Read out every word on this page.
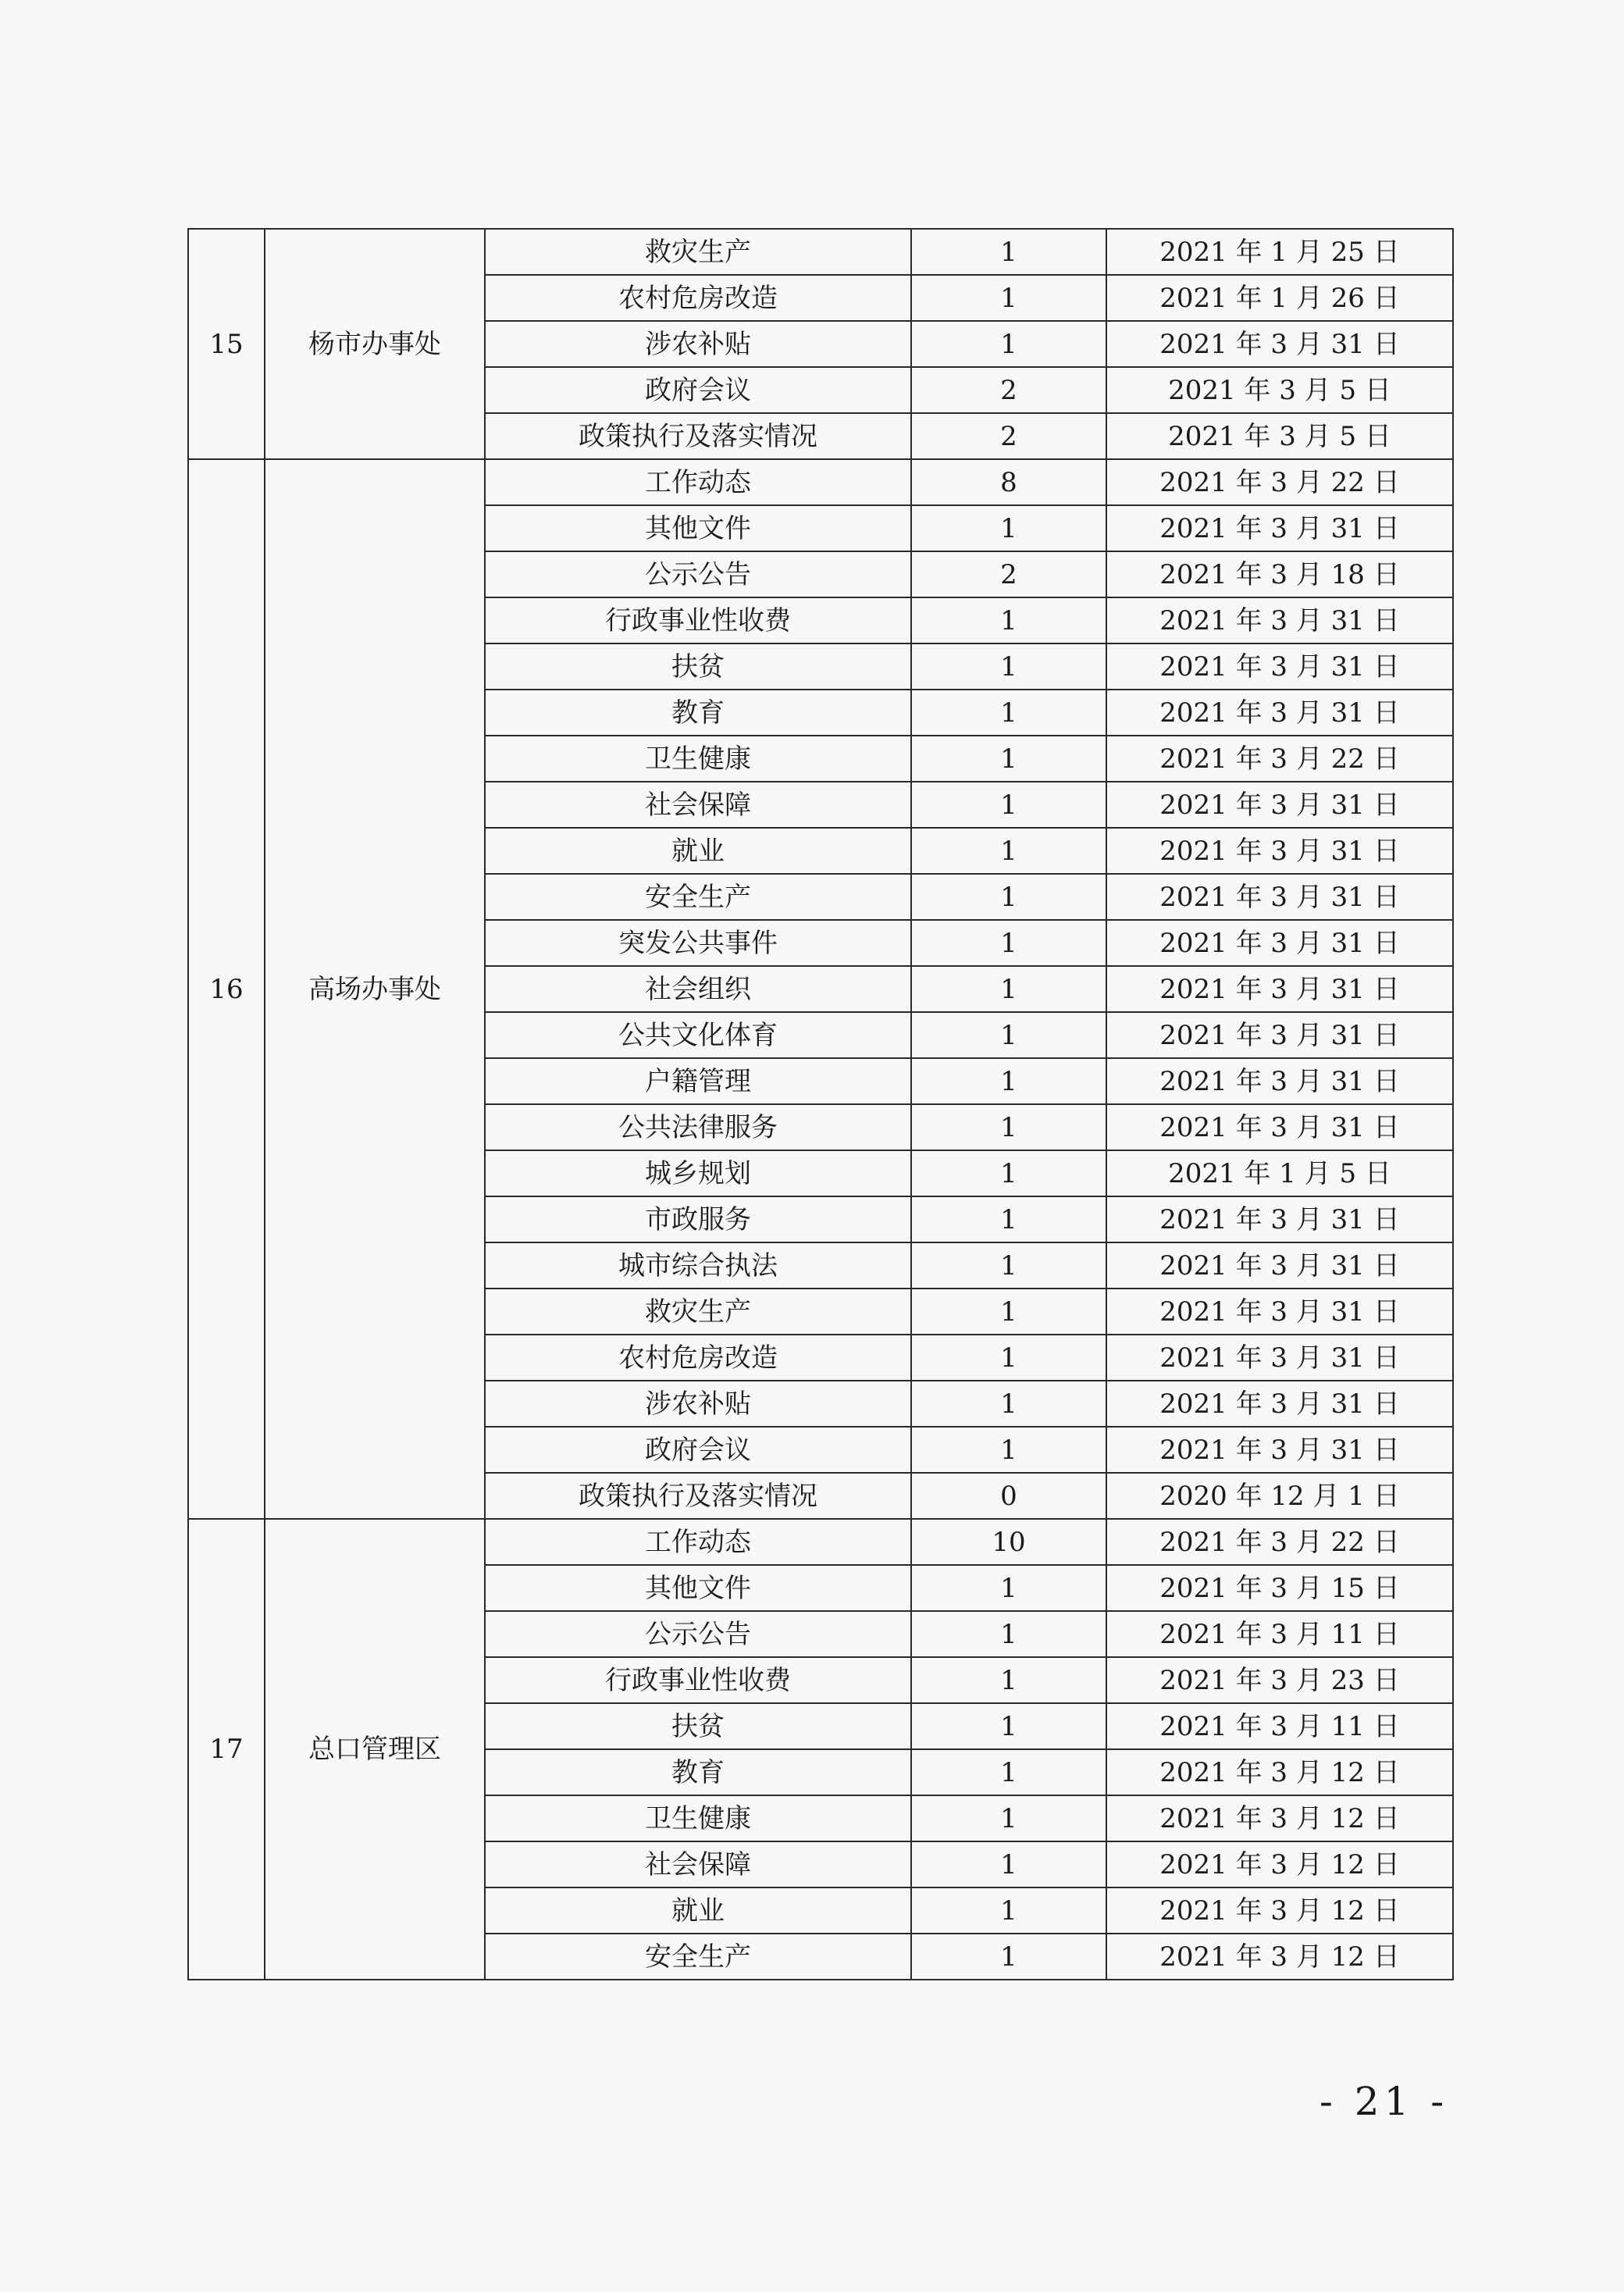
15	杨市办事处	救灾生产	1	2021 年 1 月 25 日
		农村危房改造	1	2021 年 1 月 26 日
		涉农补贴	1	2021 年 3 月 31 日
		政府会议	2	2021 年 3 月 5 日
		政策执行及落实情况	2	2021 年 3 月 5 日
16	高场办事处	工作动态	8	2021 年 3 月 22 日
		其他文件	1	2021 年 3 月 31 日
		公示公告	2	2021 年 3 月 18 日
		行政事业性收费	1	2021 年 3 月 31 日
		扶贫	1	2021 年 3 月 31 日
		教育	1	2021 年 3 月 31 日
		卫生健康	1	2021 年 3 月 22 日
		社会保障	1	2021 年 3 月 31 日
		就业	1	2021 年 3 月 31 日
		安全生产	1	2021 年 3 月 31 日
		突发公共事件	1	2021 年 3 月 31 日
		社会组织	1	2021 年 3 月 31 日
		公共文化体育	1	2021 年 3 月 31 日
		户籍管理	1	2021 年 3 月 31 日
		公共法律服务	1	2021 年 3 月 31 日
		城乡规划	1	2021 年 1 月 5 日
		市政服务	1	2021 年 3 月 31 日
		城市综合执法	1	2021 年 3 月 31 日
		救灾生产	1	2021 年 3 月 31 日
		农村危房改造	1	2021 年 3 月 31 日
		涉农补贴	1	2021 年 3 月 31 日
		政府会议	1	2021 年 3 月 31 日
		政策执行及落实情况	0	2020 年 12 月 1 日
17	总口管理区	工作动态	10	2021 年 3 月 22 日
		其他文件	1	2021 年 3 月 15 日
		公示公告	1	2021 年 3 月 11 日
		行政事业性收费	1	2021 年 3 月 23 日
		扶贫	1	2021 年 3 月 11 日
		教育	1	2021 年 3 月 12 日
		卫生健康	1	2021 年 3 月 12 日
		社会保障	1	2021 年 3 月 12 日
		就业	1	2021 年 3 月 12 日
		安全生产	1	2021 年 3 月 12 日
- 21 -
